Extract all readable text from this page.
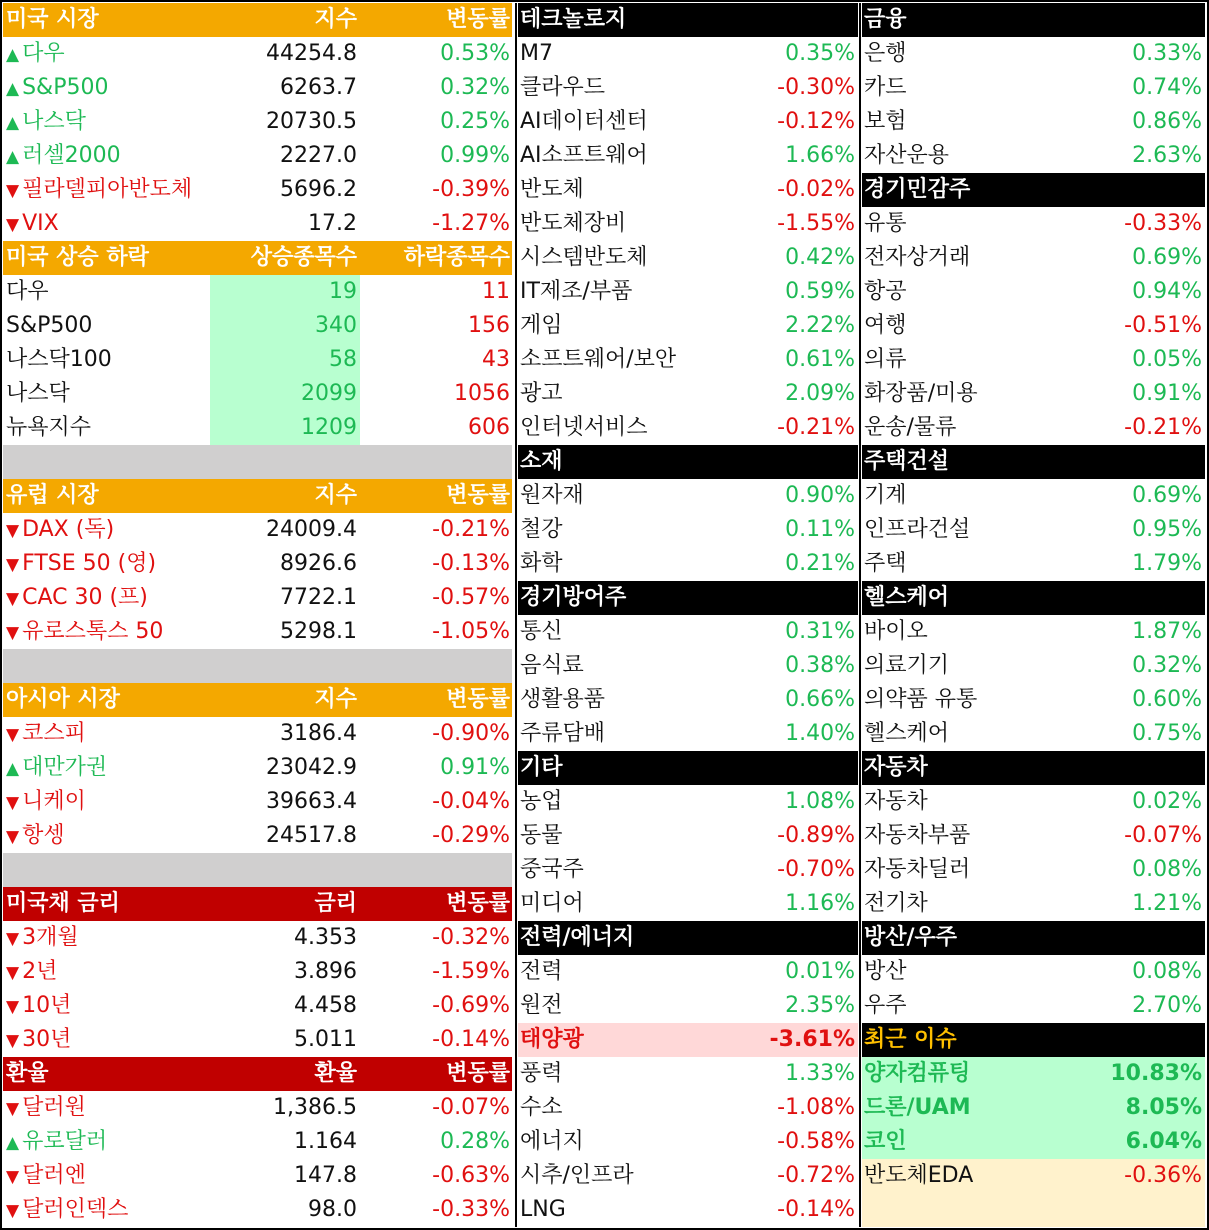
미국 시장	지수	변동률
▲ 다우	44254.8	0.53%
▲ S&P500	6263.7	0.32%
▲ 나스닥	20730.5	0.25%
▲ 러셀2000	2227.0	0.99%
▼ 필라델피아반도체	5696.2	-0.39%
▼ VIX	17.2	-1.27%
미국 상승 하락	상승종목수	하락종목수
다우	19	11
S&P500	340	156
나스닥100	58	43
나스닥	2099	1056
뉴욕지수	1209	606
유럽 시장	지수	변동률
▼ DAX (독)	24009.4	-0.21%
▼ FTSE 50 (영)	8926.6	-0.13%
▼ CAC 30 (프)	7722.1	-0.57%
▼ 유로스톡스 50	5298.1	-1.05%
아시아 시장	지수	변동률
▼ 코스피	3186.4	-0.90%
▲ 대만가권	23042.9	0.91%
▼ 니케이	39663.4	-0.04%
▼ 항셍	24517.8	-0.29%
미국채 금리	금리	변동률
▼ 3개월	4.353	-0.32%
▼ 2년	3.896	-1.59%
▼ 10년	4.458	-0.69%
▼ 30년	5.011	-0.14%
환율	환율	변동률
▼ 달러원	1,386.5	-0.07%
▲ 유로달러	1.164	0.28%
▼ 달러엔	147.8	-0.63%
▼ 달러인덱스	98.0	-0.33%
테크놀로지
M7	0.35%
클라우드	-0.30%
AI데이터센터	-0.12%
AI소프트웨어	1.66%
반도체	-0.02%
반도체장비	-1.55%
시스템반도체	0.42%
IT제조/부품	0.59%
게임	2.22%
소프트웨어/보안	0.61%
광고	2.09%
인터넷서비스	-0.21%
소재
원자재	0.90%
철강	0.11%
화학	0.21%
경기방어주
통신	0.31%
음식료	0.38%
생활용품	0.66%
주류담배	1.40%
기타
농업	1.08%
동물	-0.89%
중국주	-0.70%
미디어	1.16%
전력/에너지
전력	0.01%
원전	2.35%
태양광	-3.61%
풍력	1.33%
수소	-1.08%
에너지	-0.58%
시추/인프라	-0.72%
LNG	-0.14%
금융
은행	0.33%
카드	0.74%
보험	0.86%
자산운용	2.63%
경기민감주
유통	-0.33%
전자상거래	0.69%
항공	0.94%
여행	-0.51%
의류	0.05%
화장품/미용	0.91%
운송/물류	-0.21%
주택건설
기계	0.69%
인프라건설	0.95%
주택	1.79%
헬스케어
바이오	1.87%
의료기기	0.32%
의약품 유통	0.60%
헬스케어	0.75%
자동차
자동차	0.02%
자동차부품	-0.07%
자동차딜러	0.08%
전기차	1.21%
방산/우주
방산	0.08%
우주	2.70%
최근 이슈
양자컴퓨팅	10.83%
드론/UAM	8.05%
코인	6.04%
반도체EDA	-0.36%
